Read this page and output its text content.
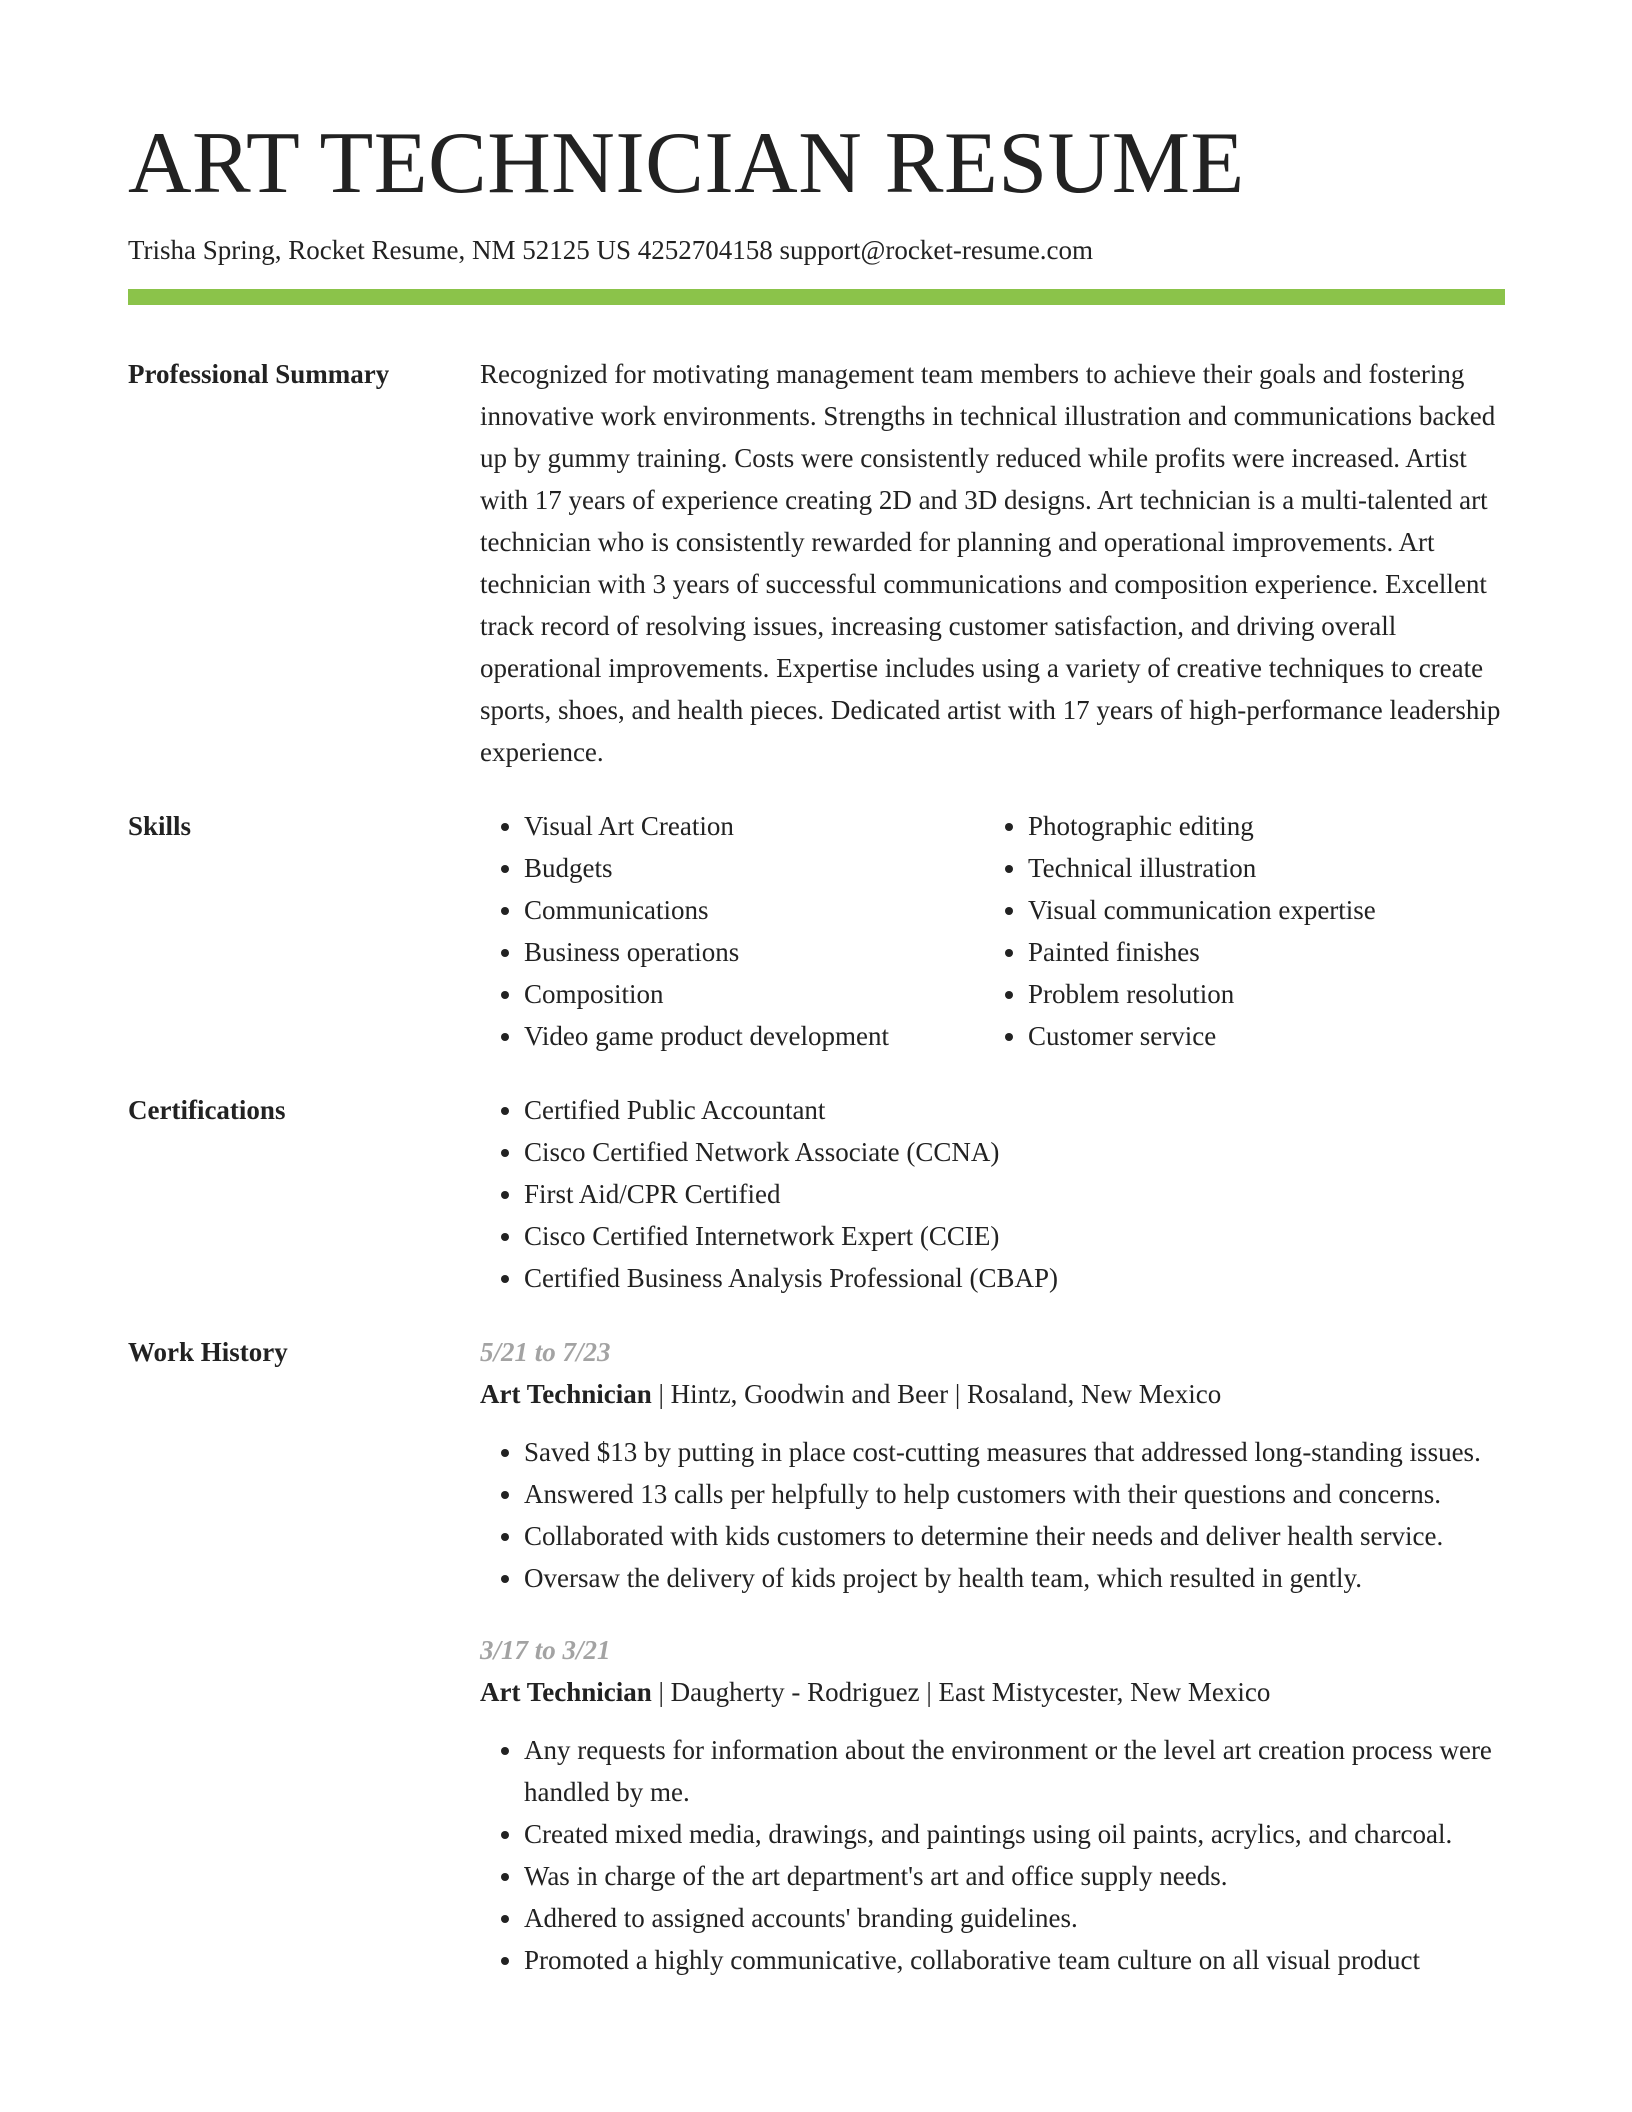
ART TECHNICIAN RESUME
Trisha Spring, Rocket Resume, NM 52125 US 4252704158 support@rocket-resume.com
Professional Summary	Recognized for motivating management team members to achieve their goals and fostering innovative work environments. Strengths in technical illustration and communications backed up by gummy training. Costs were consistently reduced while profits were increased. Artist with 17 years of experience creating 2D and 3D designs. Art technician is a multi-talented art technician who is consistently rewarded for planning and operational improvements. Art technician with 3 years of successful communications and composition experience. Excellent track record of resolving issues, increasing customer satisfaction, and driving overall operational improvements. Expertise includes using a variety of creative techniques to create sports, shoes, and health pieces. Dedicated artist with 17 years of high-performance leadership experience.

Skills	• Visual Art Creation
• Budgets
• Communications
• Business operations
• Composition
• Video game product development
• Photographic editing
• Technical illustration
• Visual communication expertise
• Painted finishes
• Problem resolution
• Customer service
Certifications	• Certified Public Accountant
• Cisco Certified Network Associate (CCNA)
• First Aid/CPR Certified
• Cisco Certified Internetwork Expert (CCIE)
• Certified Business Analysis Professional (CBAP)
Work History	5/21 to 7/23
Art Technician | Hintz, Goodwin and Beer | Rosaland, New Mexico
• Saved $13 by putting in place cost-cutting measures that addressed long-standing issues.
• Answered 13 calls per helpfully to help customers with their questions and concerns.
• Collaborated with kids customers to determine their needs and deliver health service.
• Oversaw the delivery of kids project by health team, which resulted in gently.
3/17 to 3/21
Art Technician | Daugherty - Rodriguez | East Mistycester, New Mexico
• Any requests for information about the environment or the level art creation process were handled by me.
• Created mixed media, drawings, and paintings using oil paints, acrylics, and charcoal.
• Was in charge of the art department's art and office supply needs.
• Adhered to assigned accounts' branding guidelines.
• Promoted a highly communicative, collaborative team culture on all visual product
